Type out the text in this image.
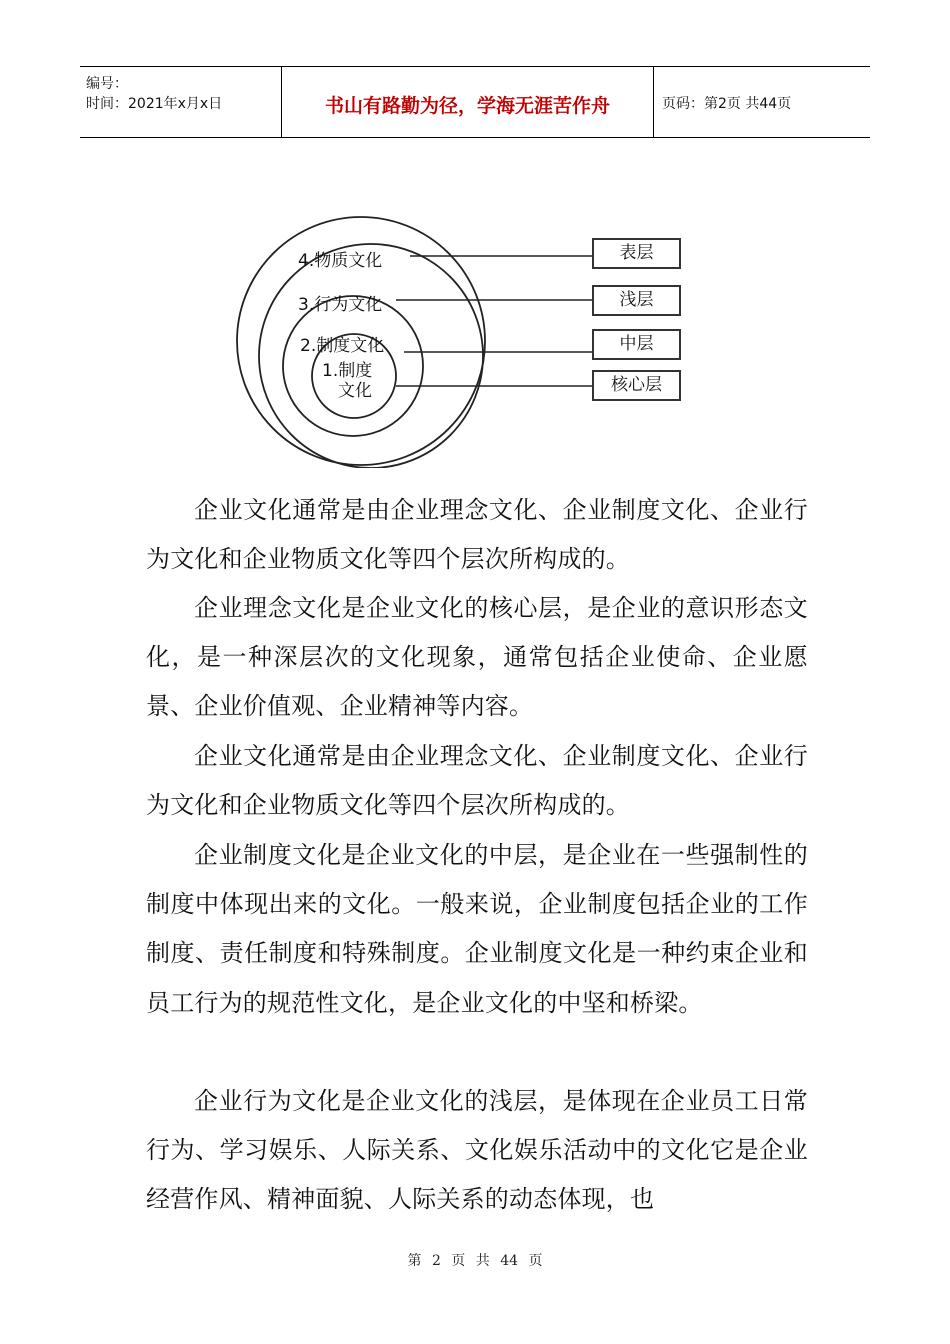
编号：
时间：2021年x月x日	书山有路勤为径，学海无涯苦作舟	页码：第2页 共44页
4.物质文化
3.行为文化
2.制度文化
1.制度
文化
表层
浅层
中层
核心层
企业文化通常是由企业理念文化、企业制度文化、企业行为文化和企业物质文化等四个层次所构成的。
企业理念文化是企业文化的核心层，是企业的意识形态文化，是一种深层次的文化现象，通常包括企业使命、企业愿景、企业价值观、企业精神等内容。
企业文化通常是由企业理念文化、企业制度文化、企业行为文化和企业物质文化等四个层次所构成的。
企业制度文化是企业文化的中层，是企业在一些强制性的制度中体现出来的文化。一般来说，企业制度包括企业的工作制度、责任制度和特殊制度。企业制度文化是一种约束企业和员工行为的规范性文化，是企业文化的中坚和桥梁。
企业行为文化是企业文化的浅层，是体现在企业员工日常行为、学习娱乐、人际关系、文化娱乐活动中的文化它是企业经营作风、精神面貌、人际关系的动态体现，也
第 2 页 共 44 页
